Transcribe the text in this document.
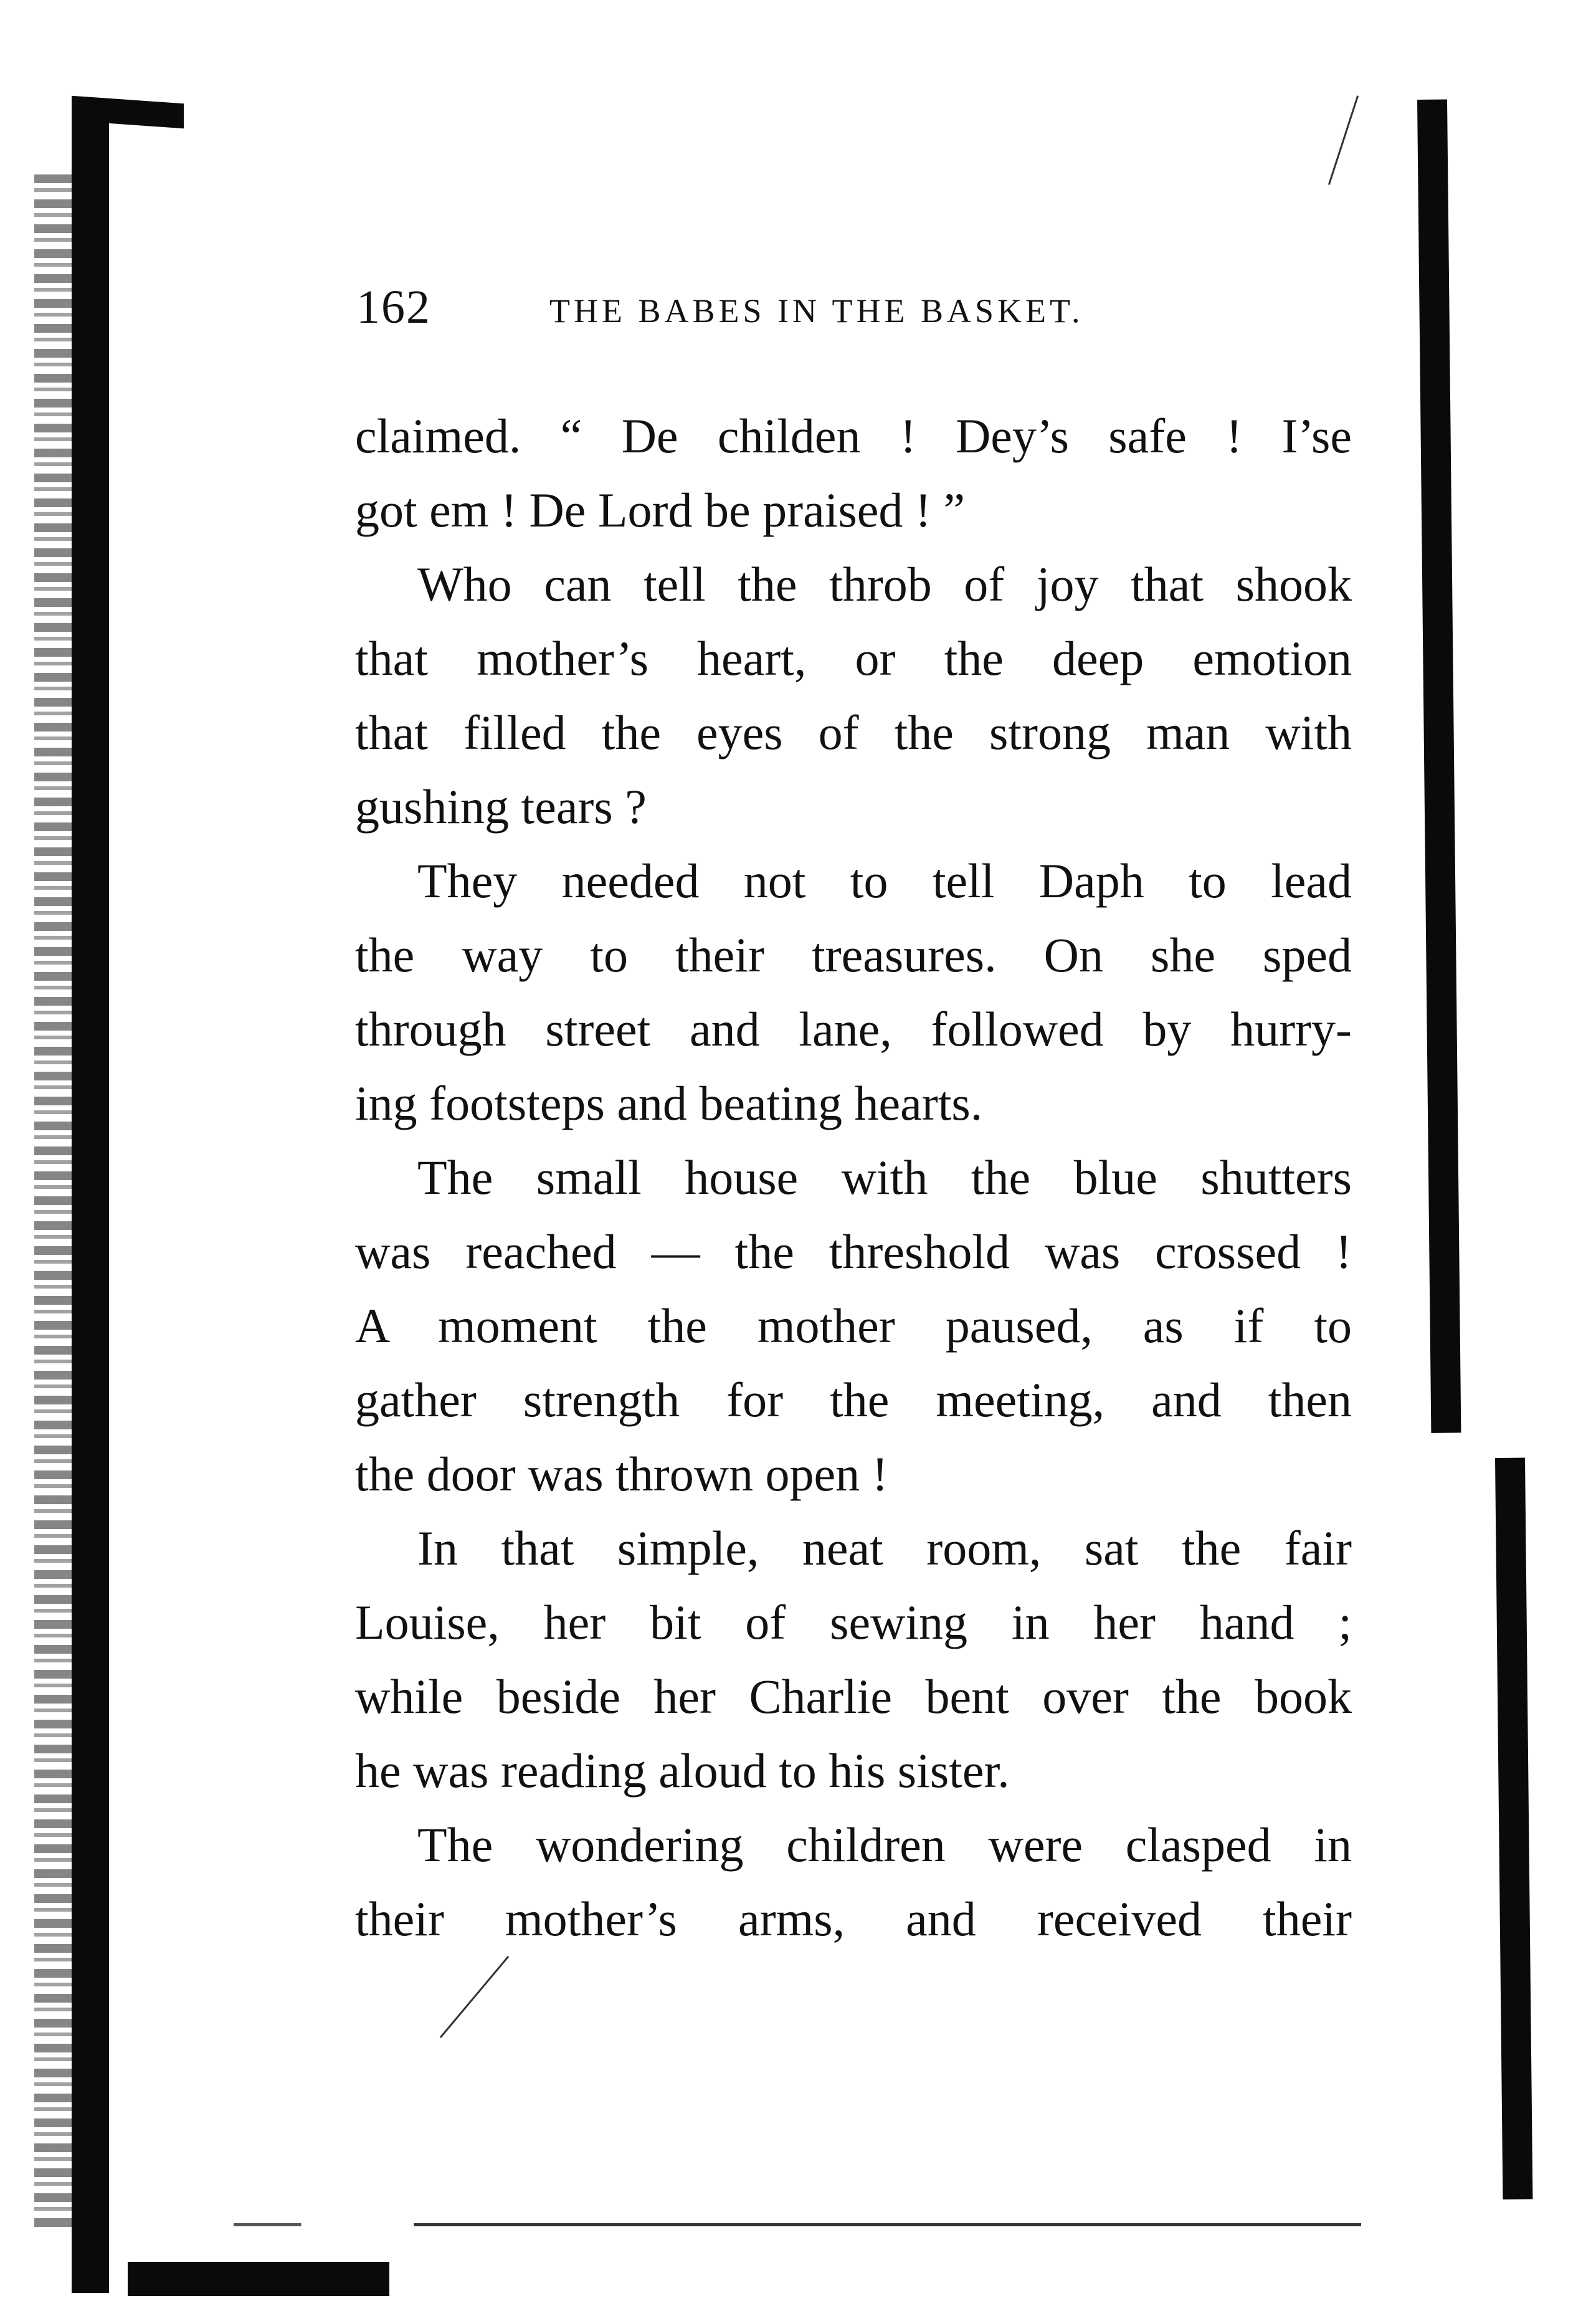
162	THE BABES IN THE BASKET.

claimed. “ De childen ! Dey’s safe ! I’se
got em ! De Lord be praised ! ”

Who can tell the throb of joy that shook
that mother’s heart, or the deep emotion
that filled the eyes of the strong man with
gushing tears ?

They needed not to tell Daph to lead
the way to their treasures. On she sped
through street and lane, followed by hurry-
ing footsteps and beating hearts.

The small house with the blue shutters
was reached — the threshold was crossed !
A moment the mother paused, as if to
gather strength for the meeting, and then
the door was thrown open !

In that simple, neat room, sat the fair
Louise, her bit of sewing in her hand ;
while beside her Charlie bent over the book
he was reading aloud to his sister.

The wondering children were clasped in
their mother’s arms, and received their
